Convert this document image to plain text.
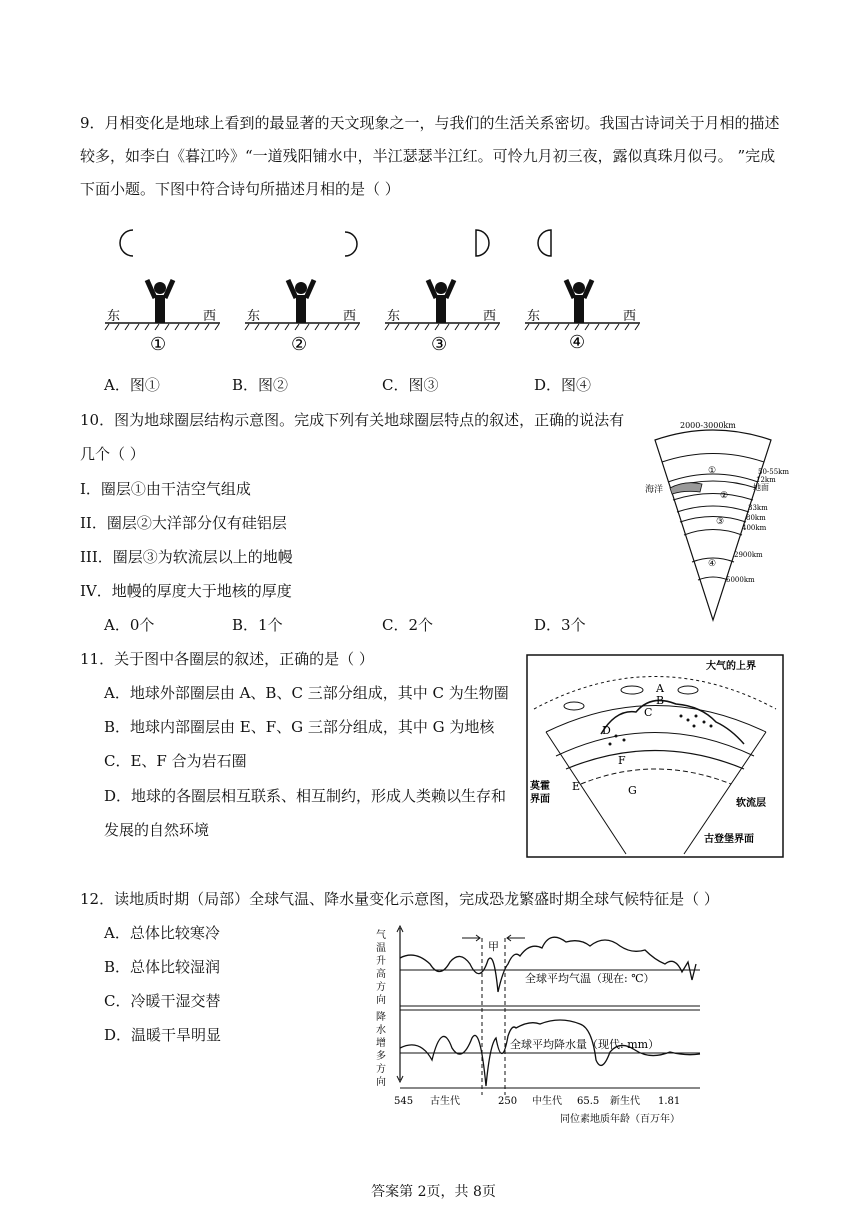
9．月相变化是地球上看到的最显著的天文现象之一，与我们的生活关系密切。我国古诗词关于月相的描述
较多，如李白《暮江吟》“一道残阳铺水中，半江瑟瑟半江红。可怜九月初三夜，露似真珠月似弓。 ”完成
下面小题。下图中符合诗句所描述月相的是（ ）
东	西
①
东	西
②
东	西
③
东	西
④
A．图①	B．图②	C．图③	D．图④
10．图为地球圈层结构示意图。完成下列有关地球圈层特点的叙述，正确的说法有
几个（ ）
I．圈层①由干洁空气组成
II．圈层②大洋部分仅有硅铝层
III．圈层③为软流层以上的地幔
IV．地幔的厚度大于地核的厚度
A．0个	B．1个	C．2个	D．3个
2000-3000km
海洋	地面
50-55km
12km
33km
80km
400km
2900km
5000km
①
②
③
④
11．关于图中各圈层的叙述，正确的是（ ）
A．地球外部圈层由 A、B、C 三部分组成，其中 C 为生物圈
B．地球内部圈层由 E、F、G 三部分组成，其中 G 为地核
C．E、F 合为岩石圈
D．地球的各圈层相互联系、相互制约，形成人类赖以生存和
发展的自然环境
大气的上界
莫霍
界面	软流层
古登堡界面
A
B
C
D
E
F
G
12．读地质时期（局部）全球气温、降水量变化示意图，完成恐龙繁盛时期全球气候特征是（ ）
A．总体比较寒冷
B．总体比较湿润
C．冷暖干湿交替
D．温暖干旱明显
甲
全球平均气温（现在: ℃）
全球平均降水量（现代: mm）
气
温
升
高
方
向
降
水
增
多
方
向
545 古生代	250 中生代 65.5 新生代 1.81
同位素地质年龄（百万年）
答案第 2页，共 8页
